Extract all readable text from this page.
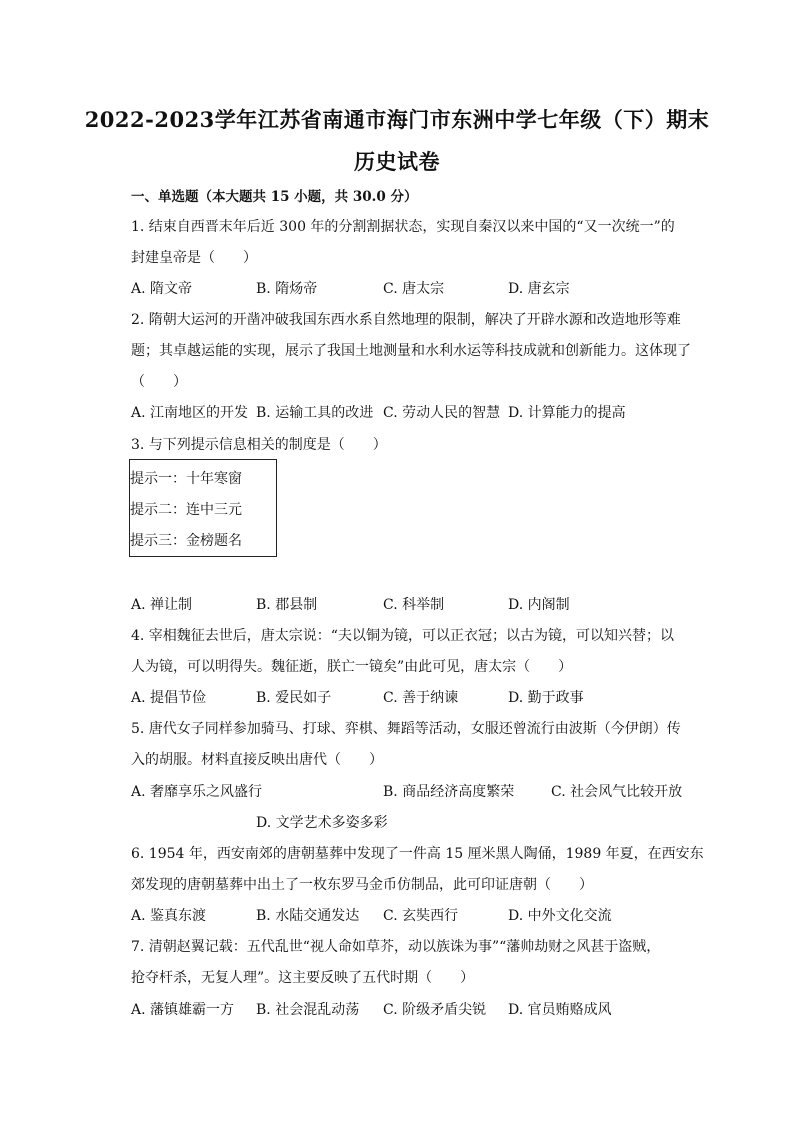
2022-2023学年江苏省南通市海门市东洲中学七年级（下）期末
历史试卷
一、单选题（本大题共 15 小题，共 30.0 分）
1. 结束自西晋末年后近 300 年的分割割据状态，实现自秦汉以来中国的“又一次统一”的
封建皇帝是（　　）
A. 隋文帝	B. 隋炀帝	C. 唐太宗	D. 唐玄宗
2. 隋朝大运河的开凿冲破我国东西水系自然地理的限制，解决了开辟水源和改造地形等难
题；其卓越运能的实现，展示了我国土地测量和水利水运等科技成就和创新能力。这体现了
（　　）
A. 江南地区的开发 B. 运输工具的改进 C. 劳动人民的智慧 D. 计算能力的提高
3. 与下列提示信息相关的制度是（　　）
提示一：十年寒窗
提示二：连中三元
提示三：金榜题名
A. 禅让制	B. 郡县制	C. 科举制	D. 内阁制
4. 宰相魏征去世后，唐太宗说：“夫以铜为镜，可以正衣冠；以古为镜，可以知兴替；以
人为镜，可以明得失。魏征逝，朕亡一镜矣”由此可见，唐太宗（　　）
A. 提倡节俭	B. 爱民如子	C. 善于纳谏	D. 勤于政事
5. 唐代女子同样参加骑马、打球、弈棋、舞蹈等活动，女服还曾流行由波斯（今伊朗）传
入的胡服。材料直接反映出唐代（　　）
A. 奢靡享乐之风盛行	B. 商品经济高度繁荣	C. 社会风气比较开放
D. 文学艺术多姿多彩
6. 1954 年，西安南郊的唐朝墓葬中发现了一件高 15 厘米黑人陶俑，1989 年夏，在西安东
郊发现的唐朝墓葬中出土了一枚东罗马金币仿制品，此可印证唐朝（　　）
A. 鉴真东渡	B. 水陆交通发达 C. 玄奘西行	D. 中外文化交流
7. 清朝赵翼记载：五代乱世“视人命如草芥，动以族诛为事”“藩帅劫财之风甚于盗贼，
抢夺杆杀，无复人理”。这主要反映了五代时期（　　）
A. 藩镇雄霸一方 B. 社会混乱动荡 C. 阶级矛盾尖锐 D. 官员贿赂成风
